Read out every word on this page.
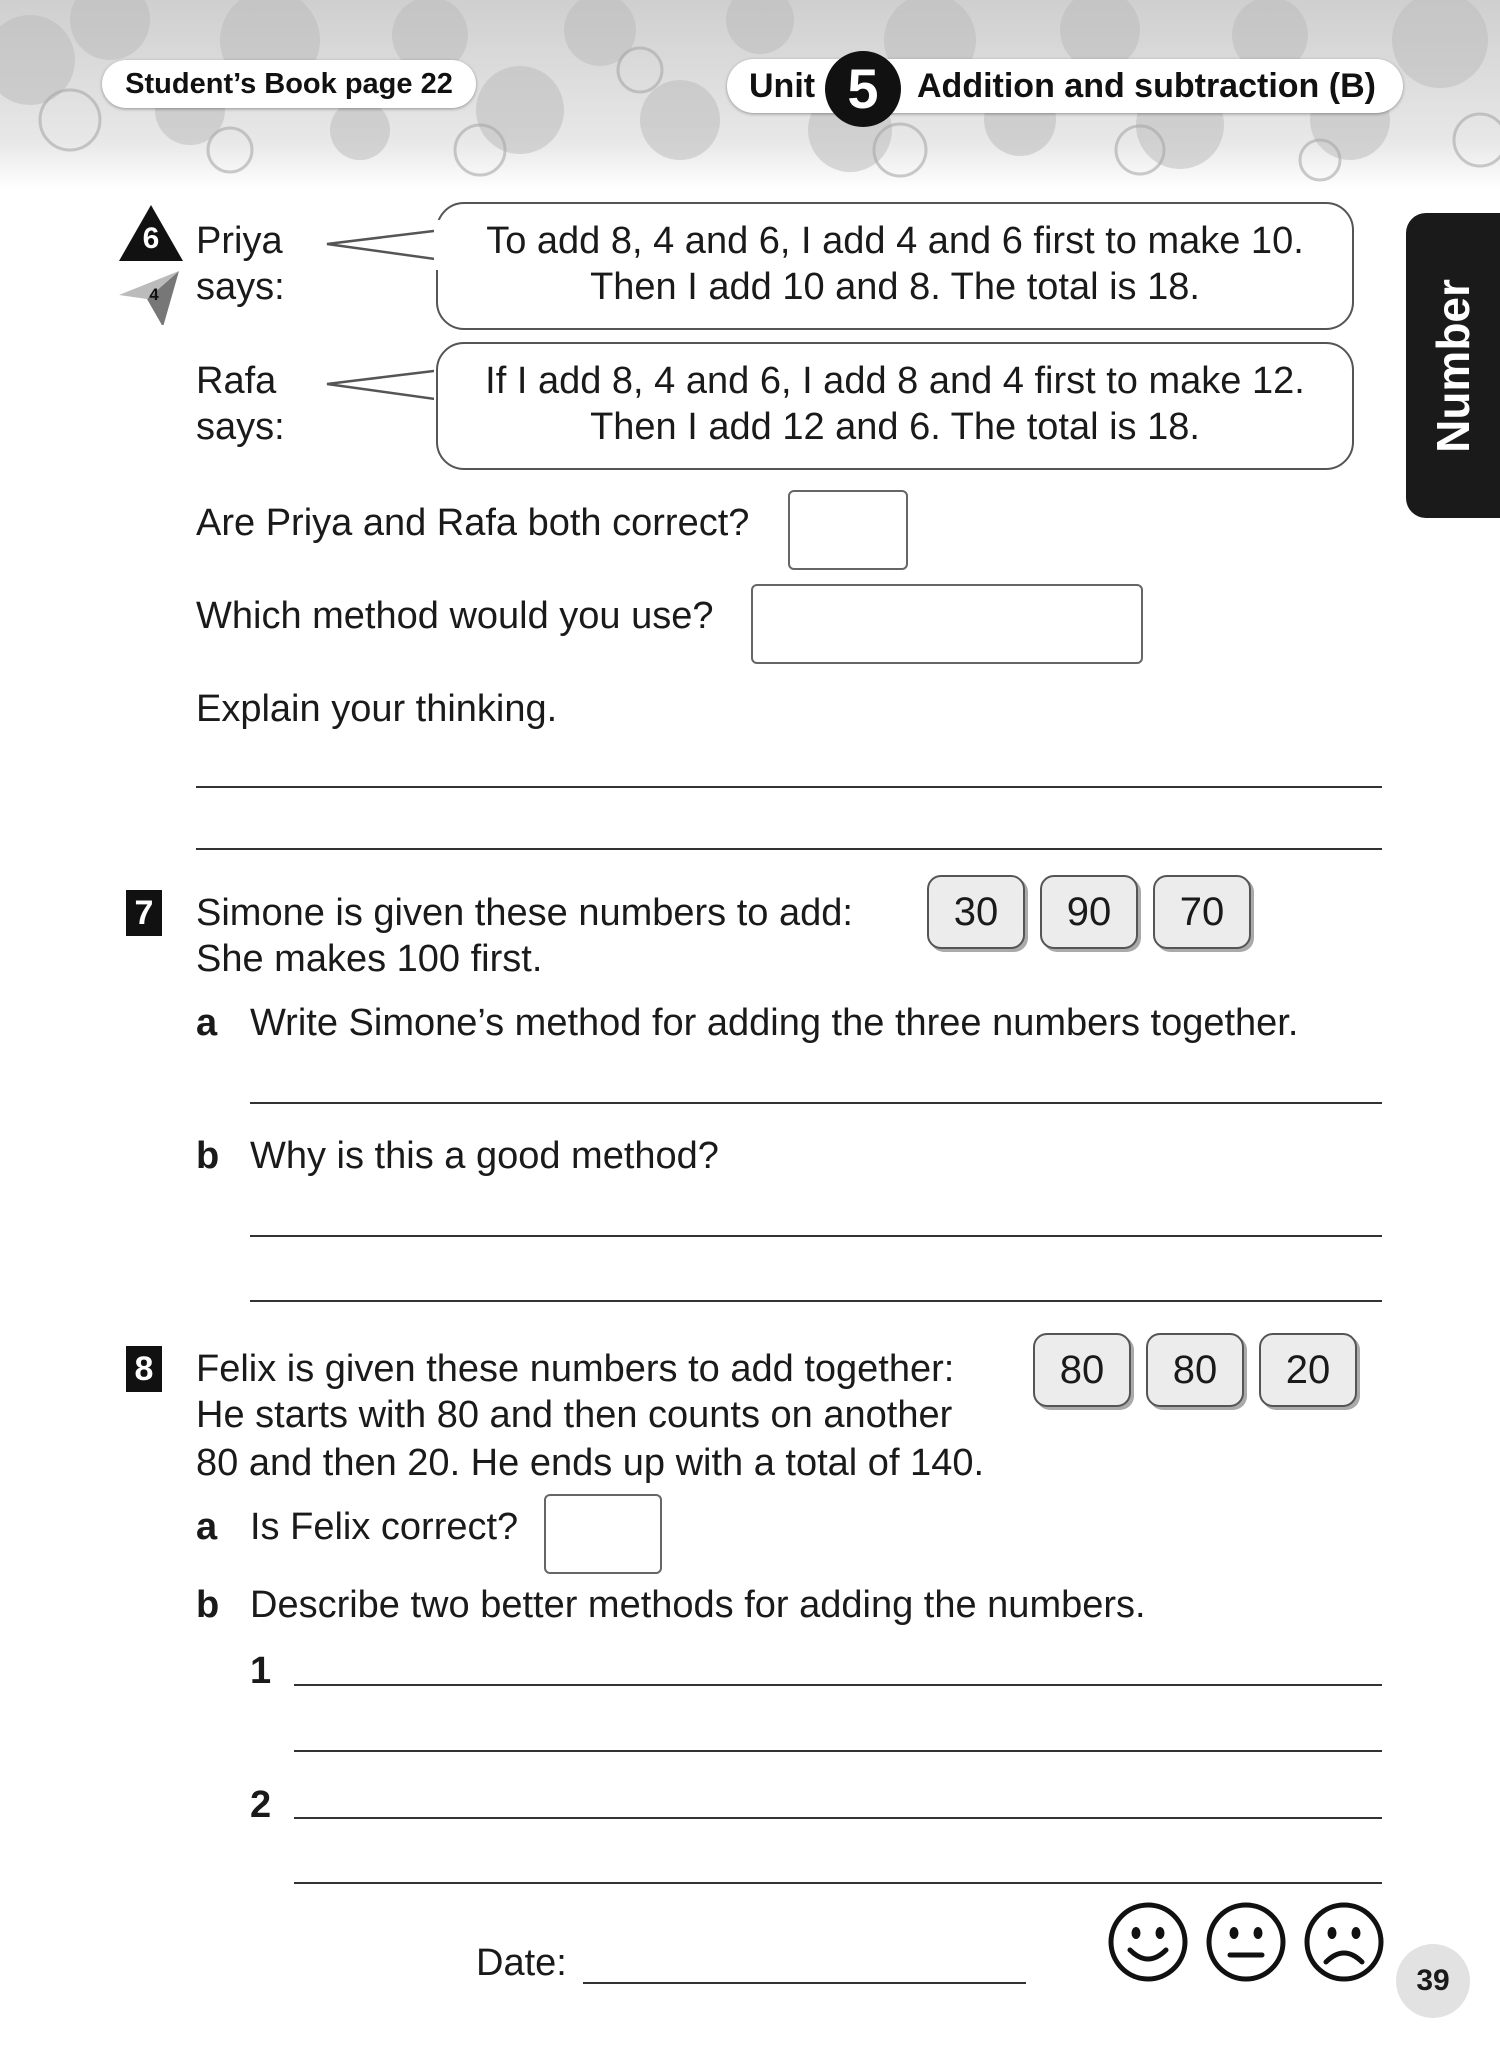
Student’s Book page 22	Unit 5	Addition and subtraction (B)
Number
6
4
Priya
says:
To add 8, 4 and 6, I add 4 and 6 first to make 10.
Then I add 10 and 8. The total is 18.
Rafa
says:
If I add 8, 4 and 6, I add 8 and 4 first to make 12.
Then I add 12 and 6. The total is 18.
Are Priya and Rafa both correct?
Which method would you use?
Explain your thinking.
7 Simone is given these numbers to add:
She makes 100 first.
30	90	70
a Write Simone’s method for adding the three numbers together.
b Why is this a good method?
8 Felix is given these numbers to add together:
He starts with 80 and then counts on another
80 and then 20. He ends up with a total of 140.
80	80	20
a Is Felix correct?
b Describe two better methods for adding the numbers.
1
2
Date:	39
